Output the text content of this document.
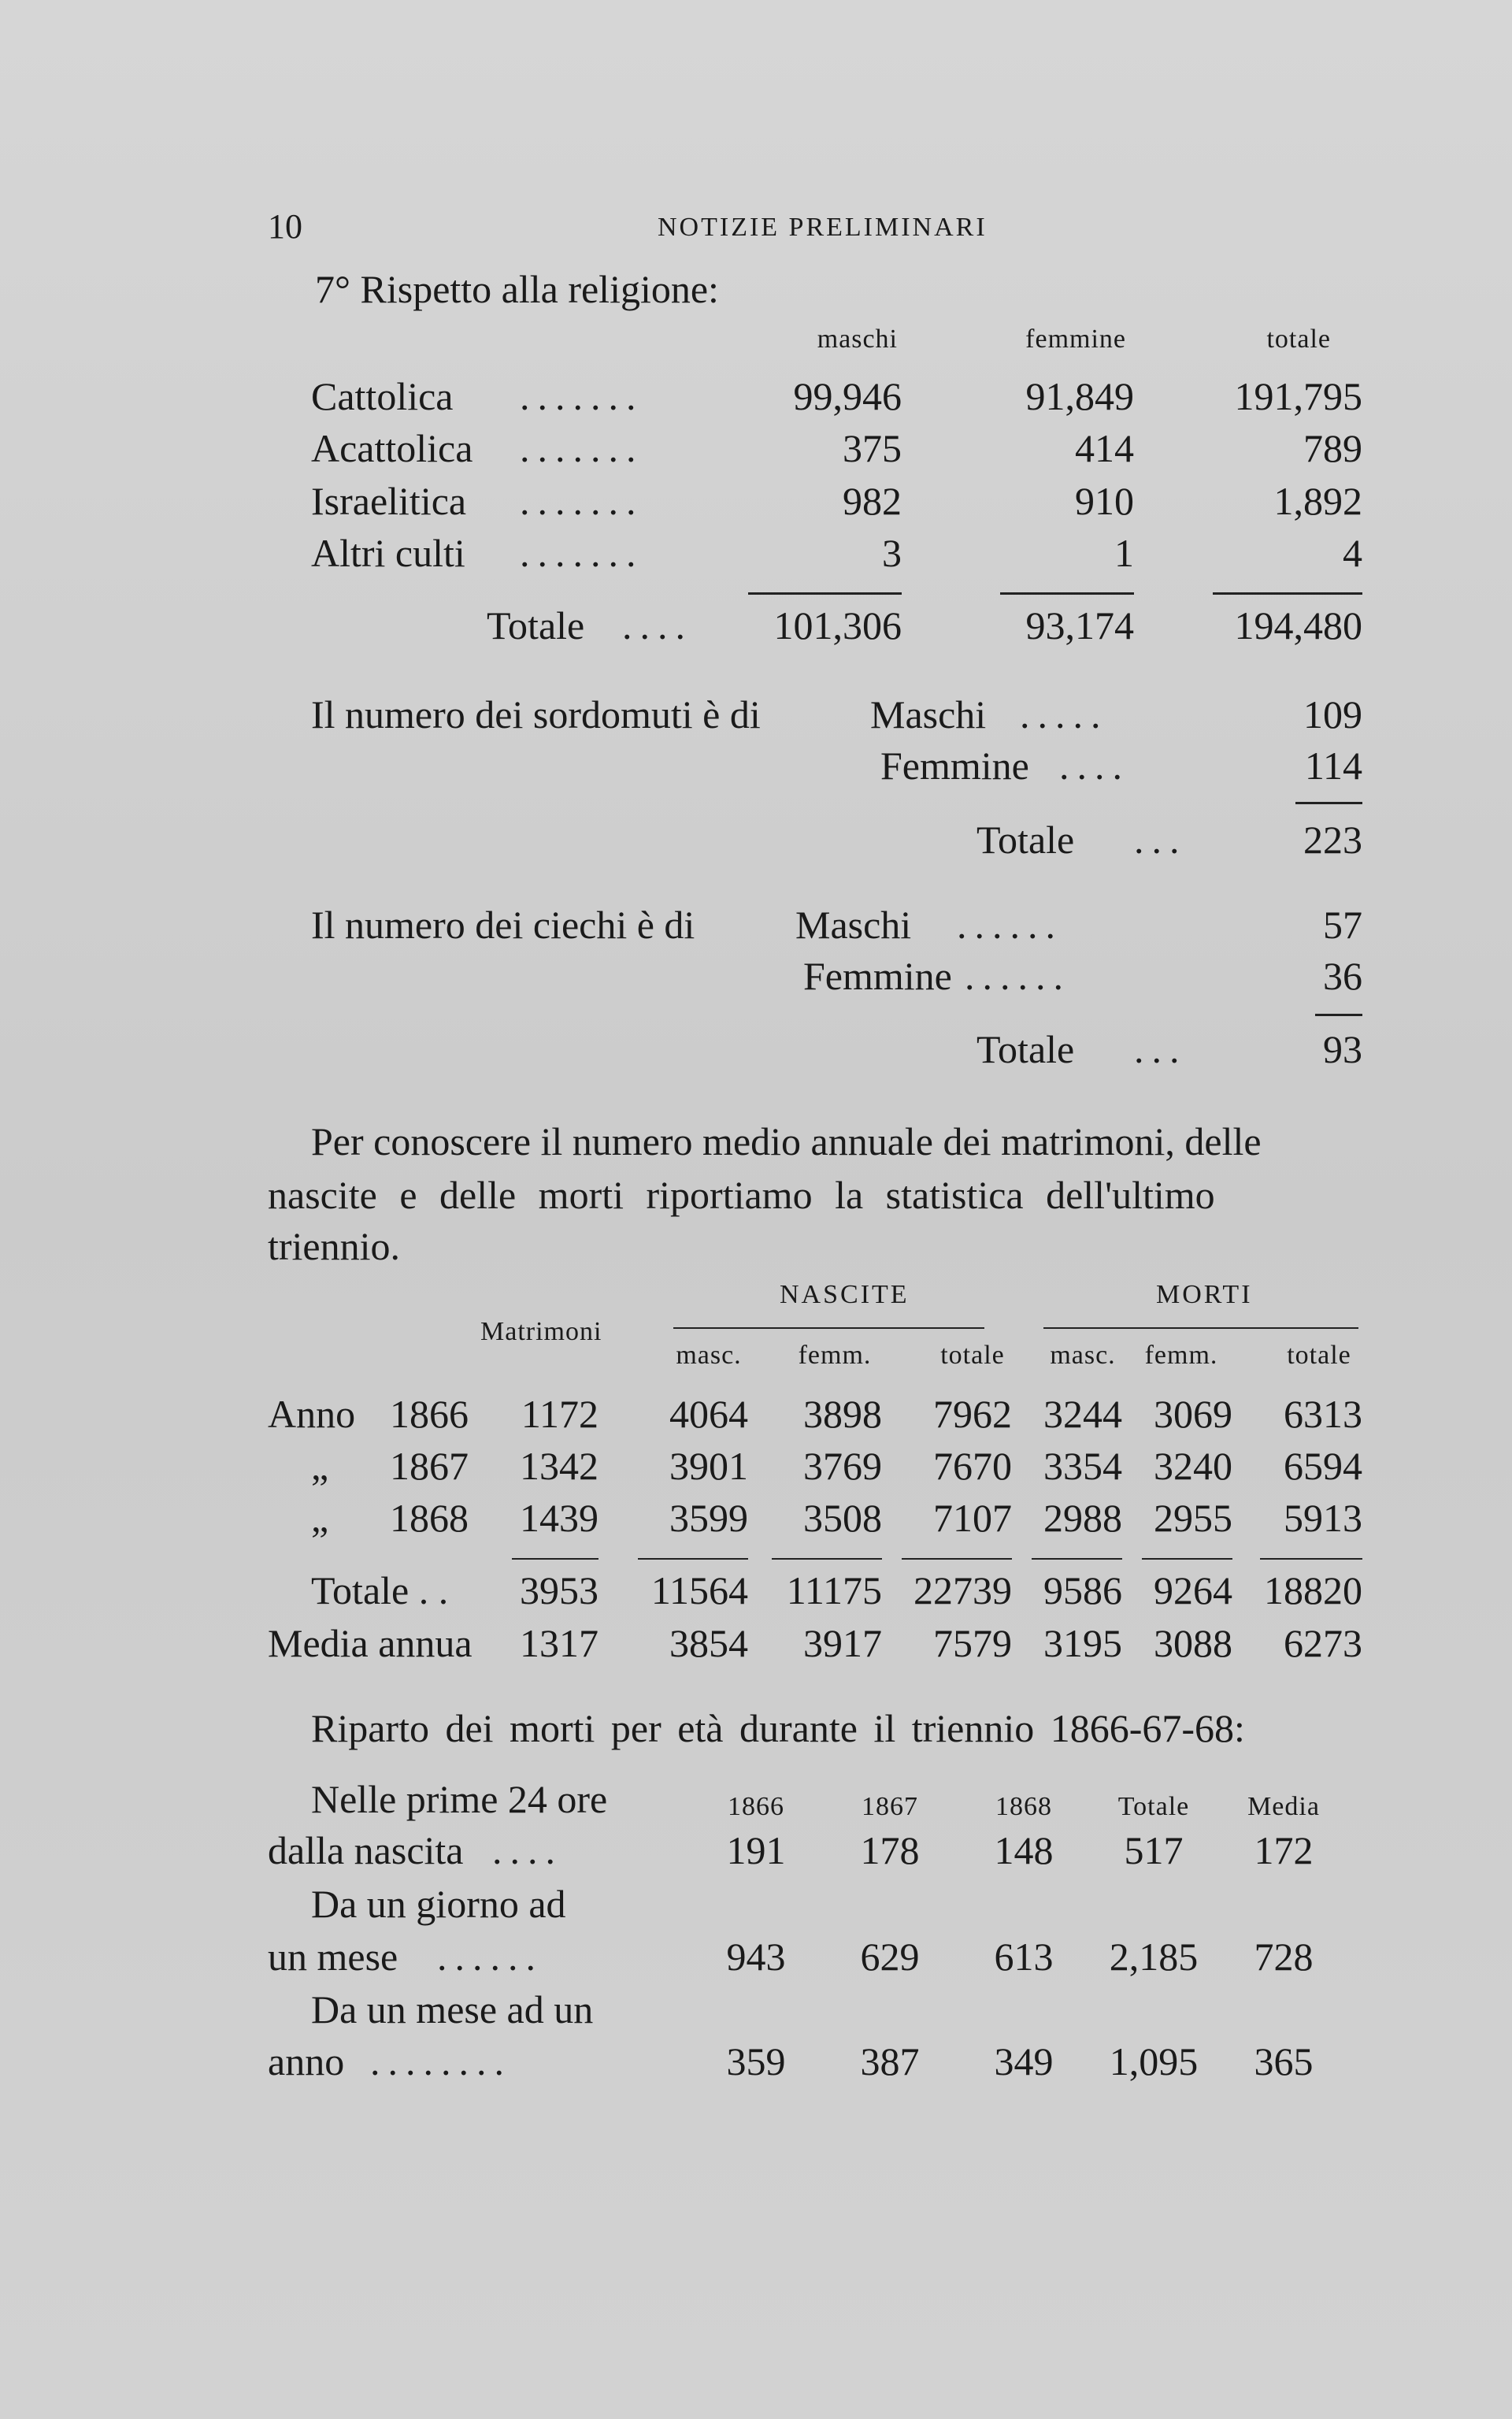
10	NOTIZIE PRELIMINARI
7° Rispetto alla religione:
maschi	femmine	totale
Cattolica .......	99,946	91,849	191,795
Acattolica .......	375	414	789
Israelitica .......	982	910	1,892
Altri culti .......	3	1	4
Totale ....	101,306	93,174	194,480
Il numero dei sordomuti è di	Maschi .....	109
Femmine ....	114
Totale ...	223
Il numero dei ciechi è di	Maschi ......	57
Femmine ......	36
Totale ...	93
Per conoscere il numero medio annuale dei matrimoni, delle
nascite e delle morti riportiamo la statistica dell'ultimo
triennio.
NASCITE	MORTI
Matrimoni
masc.	femm.	totale	masc.	femm.	totale
Anno 1866	1172	4064	3898	7962 3244 3069	6313
„ 1867	1342	3901	3769	7670 3354 3240	6594
„ 1868	1439	3599	3508	7107 2988 2955	5913
Totale . .	3953	11564 11175 22739 9586 9264 18820
Media annua	1317	3854	3917	7579 3195 3088	6273
Riparto dei morti per età durante il triennio 1866-67-68:
1866	1867	1868	Totale	Media
Nelle prime 24 ore
dalla nascita ....	191	178	148	517	172
Da un giorno ad
un mese ......	943	629	613	2,185	728
Da un mese ad un
anno ........	359	387	349	1,095	365
